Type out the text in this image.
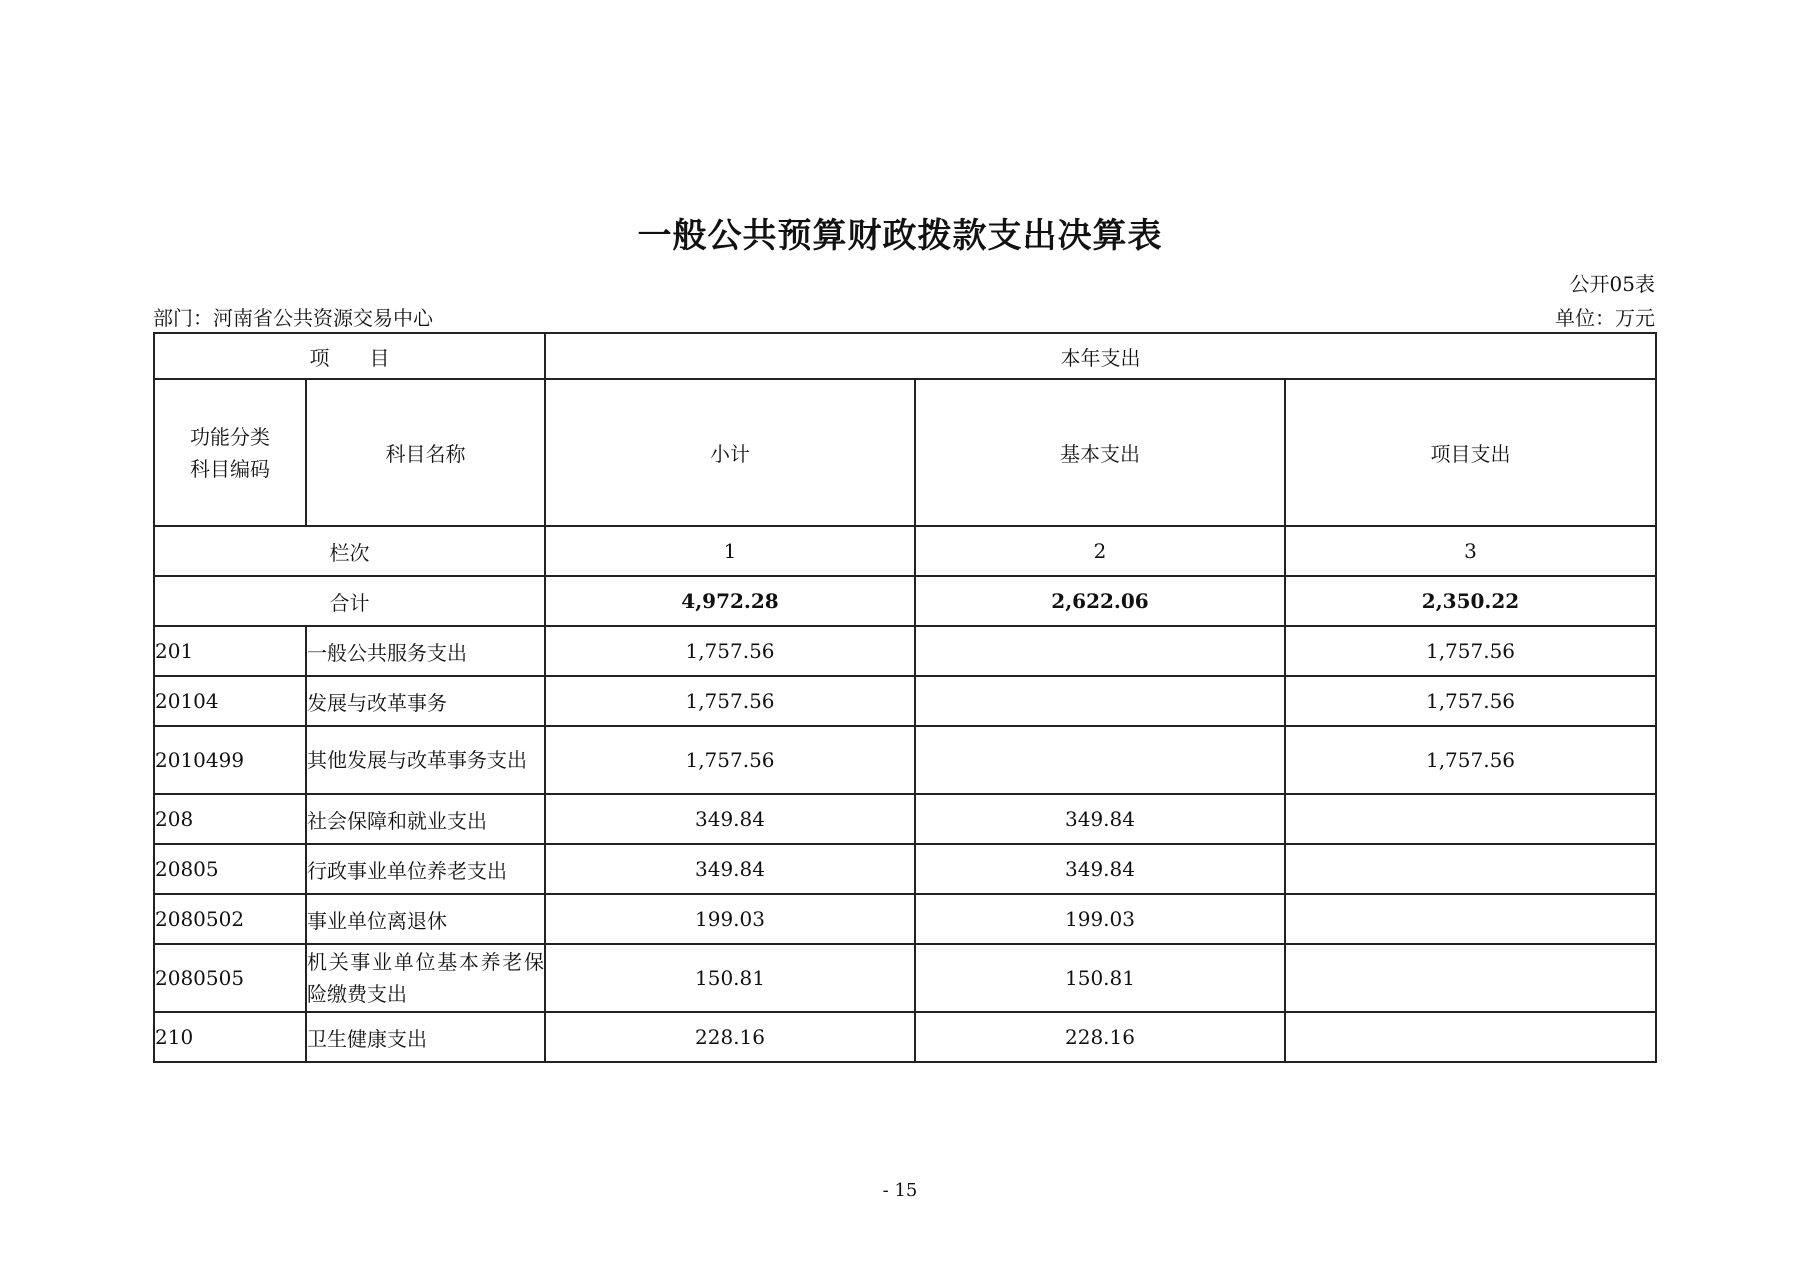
一般公共预算财政拨款支出决算表
公开05表
部门：河南省公共资源交易中心	单位：万元
项　　目		本年支出		
功能分类
科目编码	科目名称	小计	基本支出	项目支出
栏次		1	2	3
合计		4,972.28	2,622.06	2,350.22
201	一般公共服务支出	1,757.56		1,757.56
20104	发展与改革事务	1,757.56		1,757.56
2010499	其他发展与改革事务支出	1,757.56		1,757.56
208	社会保障和就业支出	349.84	349.84	
20805	行政事业单位养老支出	349.84	349.84	
2080502	事业单位离退休	199.03	199.03	
2080505	机关事业单位基本养老保险缴费支出	150.81	150.81	
210	卫生健康支出	228.16	228.16	
- 15
